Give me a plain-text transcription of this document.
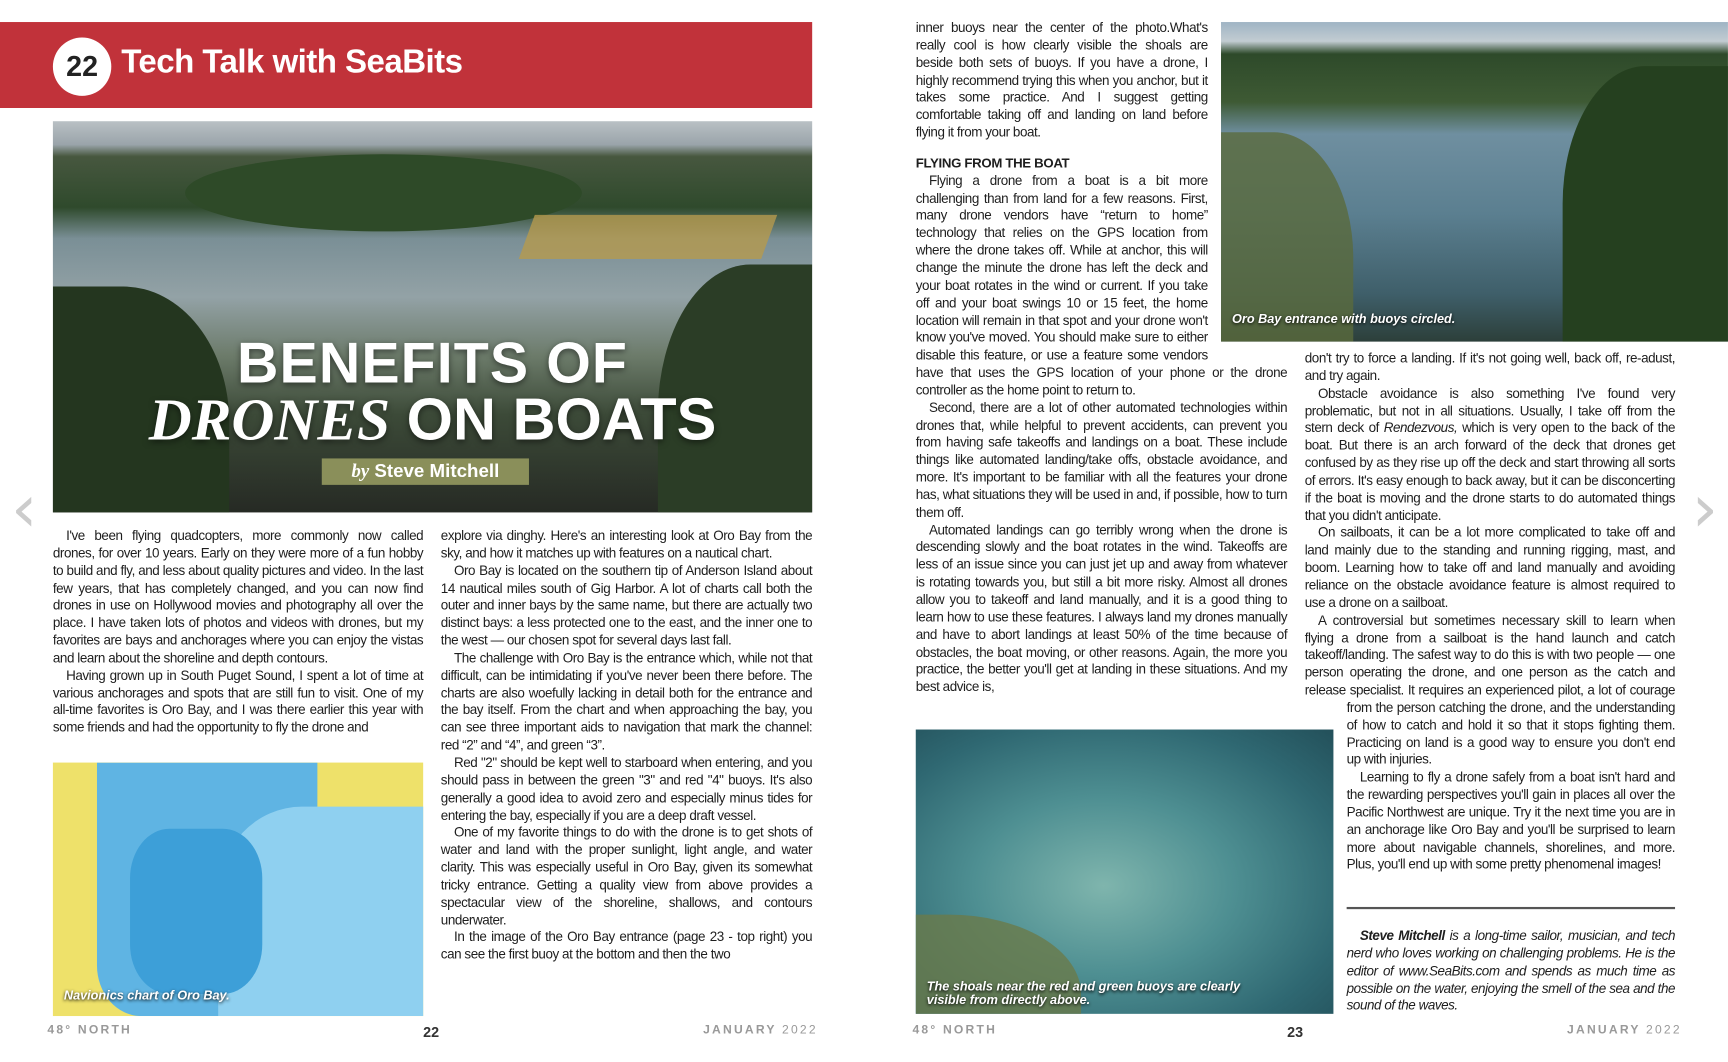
22 Tech Talk with SeaBits
BENEFITS OF
DRONES ON BOATS
by Steve Mitchell
‹	›

I've been flying quadcopters, more commonly now called drones, for over 10 years. Early on they were more of a fun hobby to build and fly, and less about quality pictures and video. In the last few years, that has completely changed, and you can now find drones in use on Hollywood movies and photography all over the place. I have taken lots of photos and videos with drones, but my favorites are bays and anchorages where you can enjoy the vistas and learn about the shoreline and depth contours.

Having grown up in South Puget Sound, I spent a lot of time at various anchorages and spots that are still fun to visit. One of my all-time favorites is Oro Bay, and I was there earlier this year with some friends and had the opportunity to fly the drone and

Navionics chart of Oro Bay.

explore via dinghy. Here's an interesting look at Oro Bay from the sky, and how it matches up with features on a nautical chart.

Oro Bay is located on the southern tip of Anderson Island about 14 nautical miles south of Gig Harbor. A lot of charts call both the outer and inner bays by the same name, but there are actually two distinct bays: a less protected one to the east, and the inner one to the west — our chosen spot for several days last fall.

The challenge with Oro Bay is the entrance which, while not that difficult, can be intimidating if you've never been there before. The charts are also woefully lacking in detail both for the entrance and the bay itself. From the chart and when approaching the bay, you can see three important aids to navigation that mark the channel: red “2” and “4”, and green “3”.

Red "2" should be kept well to starboard when entering, and you should pass in between the green "3" and red "4" buoys. It's also generally a good idea to avoid zero and especially minus tides for entering the bay, especially if you are a deep draft vessel.

One of my favorite things to do with the drone is to get shots of water and land with the proper sunlight, light angle, and water clarity. This was especially useful in Oro Bay, given its somewhat tricky entrance. Getting a quality view from above provides a spectacular view of the shoreline, shallows, and contours underwater.

In the image of the Oro Bay entrance (page 23 - top right) you can see the first buoy at the bottom and then the two

48° NORTH	22	JANUARY 2022
Oro Bay entrance with buoys circled.

inner buoys near the center of the photo.What's really cool is how clearly visible the shoals are beside both sets of buoys. If you have a drone, I highly recommend trying this when you anchor, but it takes some practice. And I suggest getting comfortable taking off and landing on land before flying it from your boat.

FLYING FROM THE BOAT

Flying a drone from a boat is a bit more challenging than from land for a few reasons. First, many drone vendors have “return to home” technology that relies on the GPS location from where the drone takes off. While at anchor, this will change the minute the drone has left the deck and your boat rotates in the wind or current. If you take off and your boat swings 10 or 15 feet, the home location will remain in that spot and your drone won't know you've moved. You should make sure to either disable this feature, or use a feature some vendors have that uses the GPS location of your phone or the drone controller as the home point to return to.

Second, there are a lot of other automated technologies within drones that, while helpful to prevent accidents, can prevent you from having safe takeoffs and landings on a boat. These include things like automated landing/take offs, obstacle avoidance, and more. It's important to be familiar with all the features your drone has, what situations they will be used in and, if possible, how to turn them off.

Automated landings can go terribly wrong when the drone is descending slowly and the boat rotates in the wind. Takeoffs are less of an issue since you can just jet up and away from whatever is rotating towards you, but still a bit more risky. Almost all drones allow you to takeoff and land manually, and it is a good thing to learn how to use these features. I always land my drones manually and have to abort landings at least 50% of the time because of obstacles, the boat moving, or other reasons. Again, the more you practice, the better you'll get at landing in these situations. And my best advice is,

The shoals near the red and green buoys are clearly visible from directly above.

don't try to force a landing. If it's not going well, back off, re-adust, and try again.

Obstacle avoidance is also something I've found very problematic, but not in all situations. Usually, I take off from the stern deck of Rendezvous, which is very open to the back of the boat. But there is an arch forward of the deck that drones get confused by as they rise up off the deck and start throwing all sorts of errors. It's easy enough to back away, but it can be disconcerting if the boat is moving and the drone starts to do automated things that you didn't anticipate.

On sailboats, it can be a lot more complicated to take off and land mainly due to the standing and running rigging, mast, and boom. Learning how to take off and land manually and avoiding reliance on the obstacle avoidance feature is almost required to use a drone on a sailboat.

A controversial but sometimes necessary skill to learn when flying a drone from a sailboat is the hand launch and catch takeoff/landing. The safest way to do this is with two people — one person operating the drone, and one person as the catch and release specialist. It requires an experienced pilot, a lot of courage from the person catching the drone, and the understanding of how to catch and hold it so that it stops fighting them. Practicing on land is a good way to ensure you don't end up with injuries.

Learning to fly a drone safely from a boat isn't hard and the rewarding perspectives you'll gain in places all over the Pacific Northwest are unique. Try it the next time you are in an anchorage like Oro Bay and you'll be surprised to learn more about navigable channels, shorelines, and more. Plus, you'll end up with some pretty phenomenal images!

Steve Mitchell is a long-time sailor, musician, and tech nerd who loves working on challenging problems. He is the editor of www.SeaBits.com and spends as much time as possible on the water, enjoying the smell of the sea and the sound of the waves.
48° NORTH	23	JANUARY 2022
